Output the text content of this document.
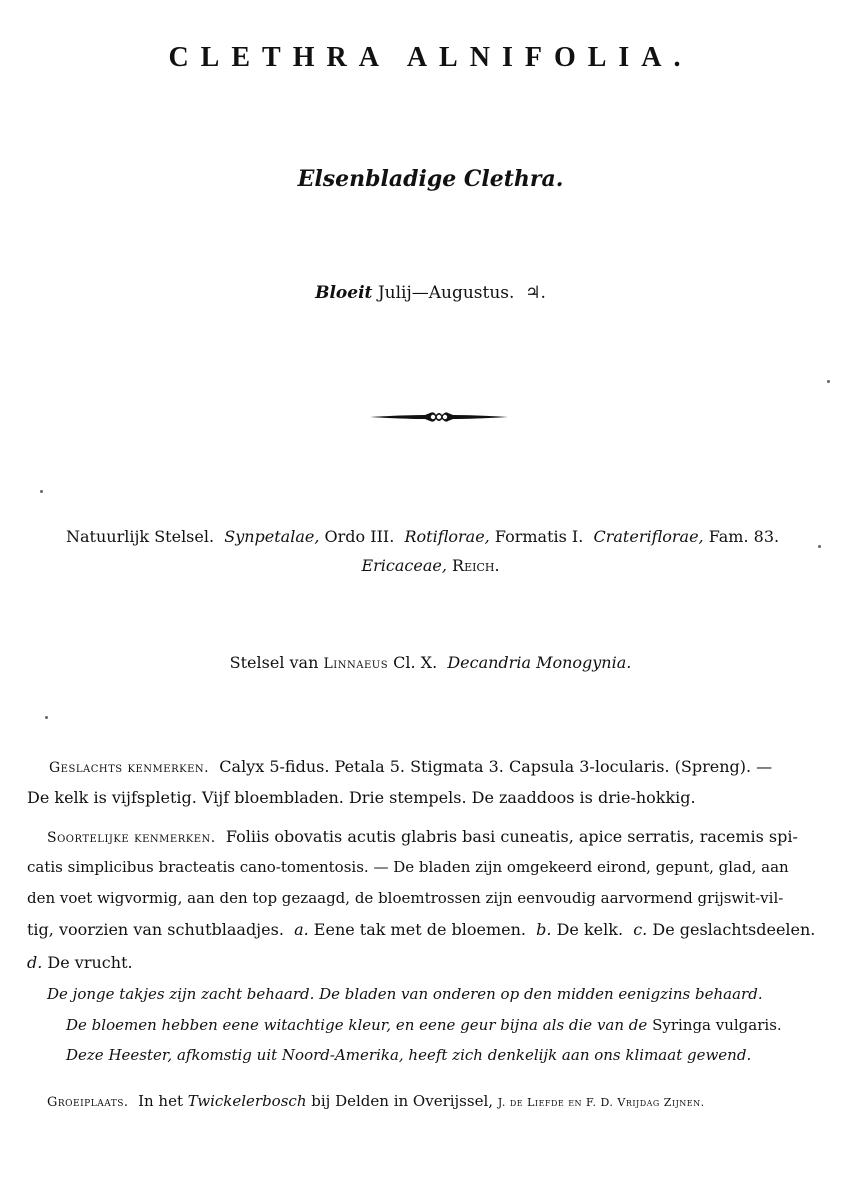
CLETHRA ALNIFOLIA.
Elsenbladige Clethra.
Bloeit Julij—Augustus. ♃.
Natuurlijk Stelsel. Synpetalae, Ordo III. Rotiflorae, Formatis I. Crateriflorae, Fam. 83.
Ericaceae, Reich.
Stelsel van Linnaeus Cl. X. Decandria Monogynia.
Geslachts kenmerken. Calyx 5-fidus. Petala 5. Stigmata 3. Capsula 3-locularis. (Spreng). —
De kelk is vijfspletig. Vijf bloembladen. Drie stempels. De zaaddoos is drie-hokkig.
Soortelijke kenmerken. Foliis obovatis acutis glabris basi cuneatis, apice serratis, racemis spi-
catis simplicibus bracteatis cano-tomentosis. — De bladen zijn omgekeerd eirond, gepunt, glad, aan
den voet wigvormig, aan den top gezaagd, de bloemtrossen zijn eenvoudig aarvormend grijswit-vil-
tig, voorzien van schutblaadjes. a. Eene tak met de bloemen. b. De kelk. c. De geslachtsdeelen.
d. De vrucht.
De jonge takjes zijn zacht behaard. De bladen van onderen op den midden eenigzins behaard.
De bloemen hebben eene witachtige kleur, en eene geur bijna als die van de Syringa vulgaris.
Deze Heester, afkomstig uit Noord-Amerika, heeft zich denkelijk aan ons klimaat gewend.
Groeiplaats. In het Twickelerbosch bij Delden in Overijssel, J. de Liefde en F. D. Vrijdag Zijnen.
